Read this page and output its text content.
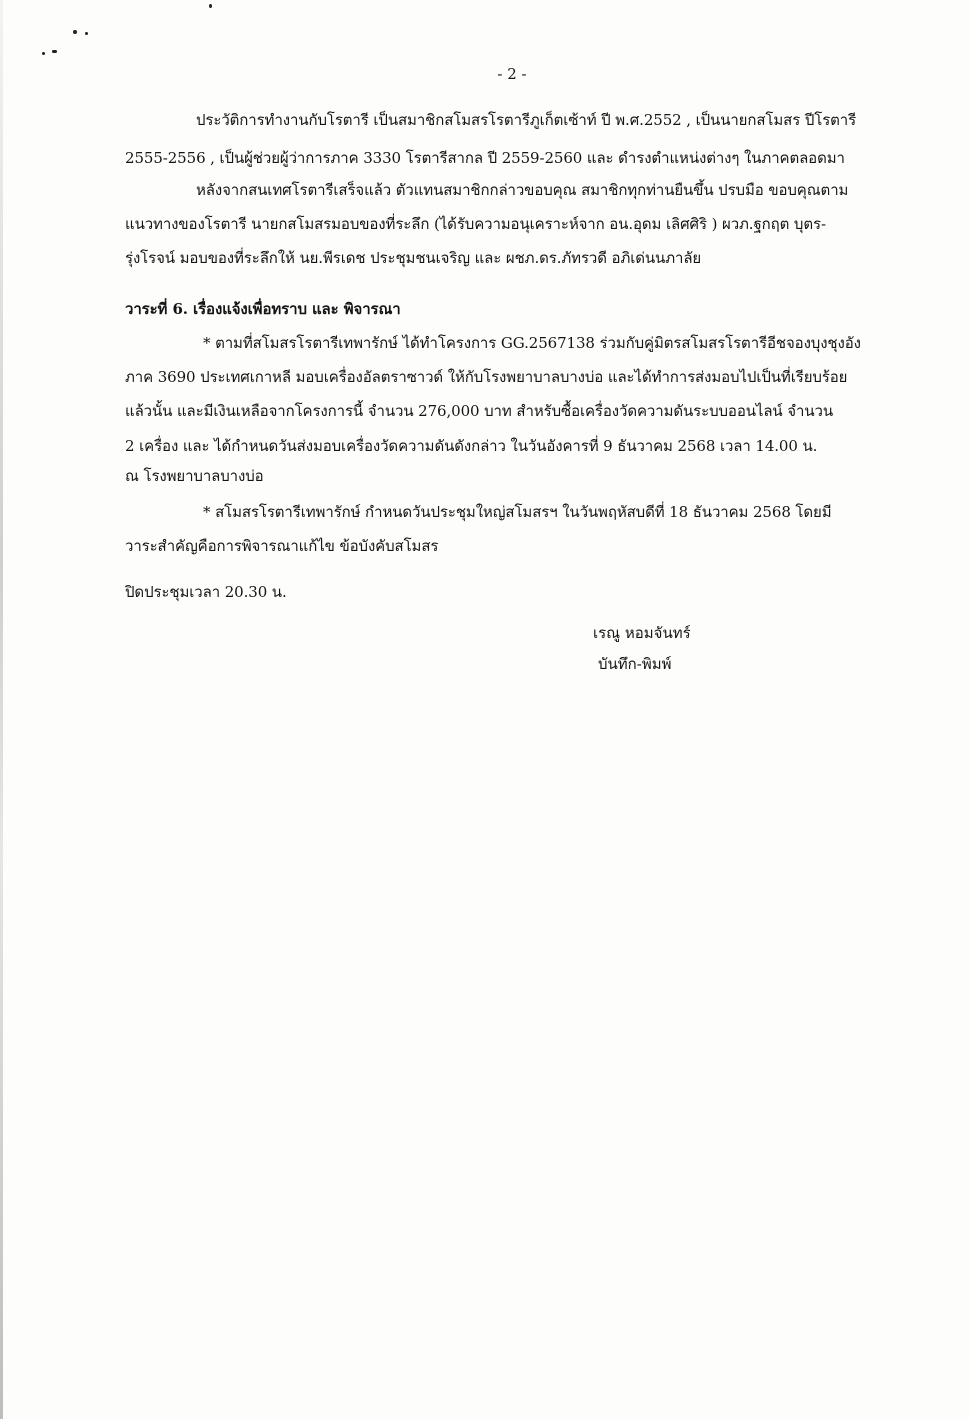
- 2 -
ประวัติการทำงานกับโรตารี เป็นสมาชิกสโมสรโรตารีภูเก็ตเซ้าท์ ปี พ.ศ.2552 , เป็นนายกสโมสร ปีโรตารี
2555-2556 , เป็นผู้ช่วยผู้ว่าการภาค 3330 โรตารีสากล ปี 2559-2560 และ ดำรงตำแหน่งต่างๆ ในภาคตลอดมา
หลังจากสนเทศโรตารีเสร็จแล้ว ตัวแทนสมาชิกกล่าวขอบคุณ สมาชิกทุกท่านยืนขึ้น ปรบมือ ขอบคุณตาม
แนวทางของโรตารี นายกสโมสรมอบของที่ระลึก (ได้รับความอนุเคราะห์จาก อน.อุดม เลิศศิริ ) ผวภ.ฐกฤต บุตร-
รุ่งโรจน์ มอบของที่ระลึกให้ นย.พีรเดช ประชุมชนเจริญ และ ผชภ.ดร.ภัทรวดี อภิเด่นนภาลัย
วาระที่ 6. เรื่องแจ้งเพื่อทราบ และ พิจารณา
* ตามที่สโมสรโรตารีเทพารักษ์ ได้ทำโครงการ GG.2567138 ร่วมกับคู่มิตรสโมสรโรตารีอีชจองบุงชุงอัง
ภาค 3690 ประเทศเกาหลี มอบเครื่องอัลตราซาวด์ ให้กับโรงพยาบาลบางบ่อ และได้ทำการส่งมอบไปเป็นที่เรียบร้อย
แล้วนั้น และมีเงินเหลือจากโครงการนี้ จำนวน 276,000 บาท สำหรับซื้อเครื่องวัดความดันระบบออนไลน์ จำนวน
2 เครื่อง และ ได้กำหนดวันส่งมอบเครื่องวัดความดันดังกล่าว ในวันอังคารที่ 9 ธันวาคม 2568 เวลา 14.00 น.
ณ โรงพยาบาลบางบ่อ
* สโมสรโรตารีเทพารักษ์ กำหนดวันประชุมใหญ่สโมสรฯ ในวันพฤหัสบดีที่ 18 ธันวาคม 2568 โดยมี
วาระสำคัญคือการพิจารณาแก้ไข ข้อบังคับสโมสร
ปิดประชุมเวลา 20.30 น.
เรณู หอมจันทร์
บันทึก-พิมพ์
